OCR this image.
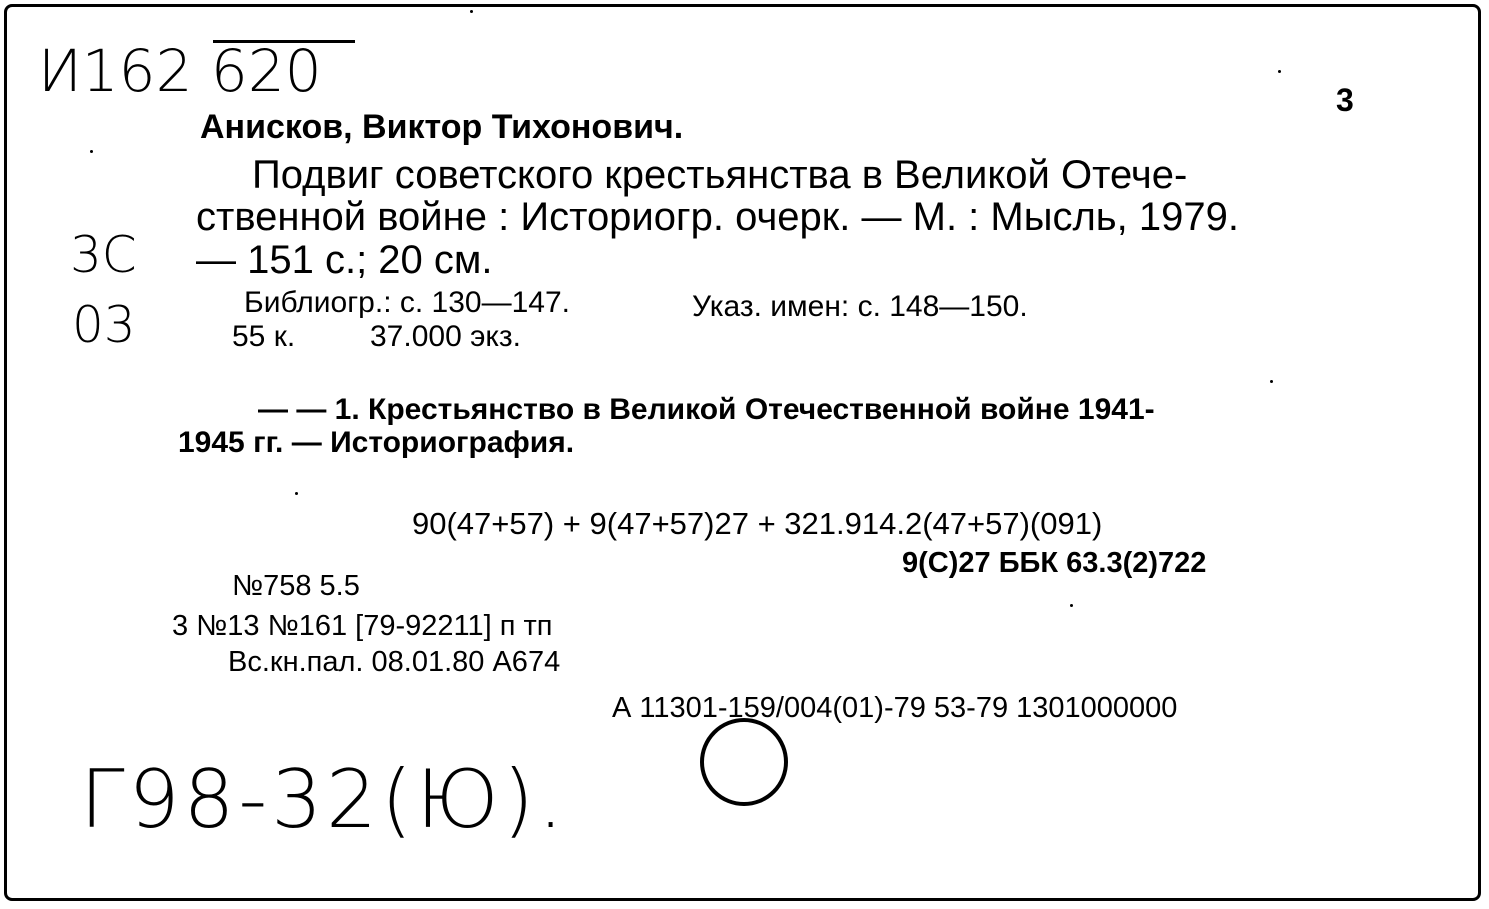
И162 620	3
Анисков, Виктор Тихонович.
Подвиг советского крестьянства в Великой Отече-
ственной войне : Историогр. очерк. — М. : Мысль, 1979.
— 151 с.; 20 см.
3С
03	Библиогр.: с. 130—147.	Указ. имен: с. 148—150.
55 к. 37.000 экз.
— — 1. Крестьянство в Великой Отечественной войне 1941-
1945 гг. — Историография.
90(47+57) + 9(47+57)27 + 321.914.2(47+57)(091)
9(С)27 ББК 63.3(2)722
№758 5.5
3 №13 №161 [79-92211] п тп
Вс.кн.пал. 08.01.80 А674
А 11301-159/004(01)-79 53-79 1301000000
Г98-32(Ю).
